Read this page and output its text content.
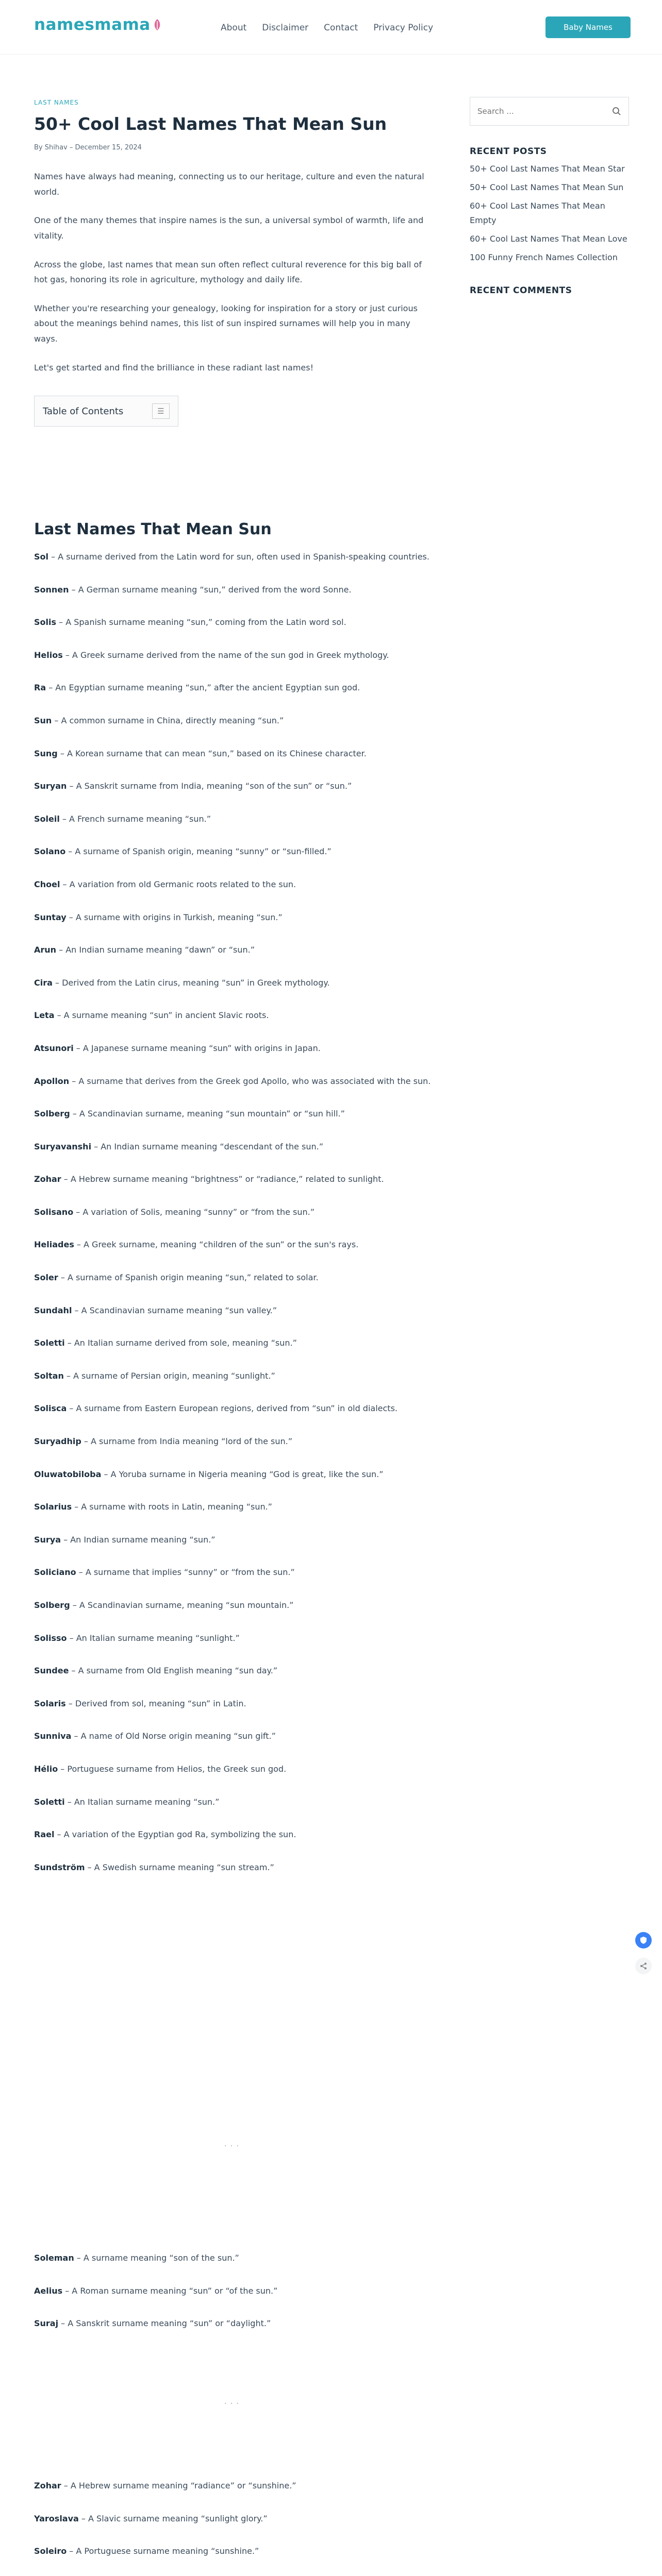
namesmama	About Disclaimer Contact Privacy Policy	Baby Names
LAST NAMES
50+ Cool Last Names That Mean Sun
By Shihav – December 15, 2024

Names have always had meaning, connecting us to our heritage, culture and even the natural world.

One of the many themes that inspire names is the sun, a universal symbol of warmth, life and vitality.

Across the globe, last names that mean sun often reflect cultural reverence for this big ball of hot gas, honoring its role in agriculture, mythology and daily life.

Whether you're researching your genealogy, looking for inspiration for a story or just curious about the meanings behind names, this list of sun inspired surnames will help you in many ways.

Let's get started and find the brilliance in these radiant last names!

Table of Contents	☰
Last Names That Mean Sun

Sol – A surname derived from the Latin word for sun, often used in Spanish-speaking countries.

Sonnen – A German surname meaning “sun,” derived from the word Sonne.

Solis – A Spanish surname meaning “sun,” coming from the Latin word sol.

Helios – A Greek surname derived from the name of the sun god in Greek mythology.

Ra – An Egyptian surname meaning “sun,” after the ancient Egyptian sun god.

Sun – A common surname in China, directly meaning “sun.”

Sung – A Korean surname that can mean “sun,” based on its Chinese character.

Suryan – A Sanskrit surname from India, meaning “son of the sun” or “sun.”

Soleil – A French surname meaning “sun.”

Solano – A surname of Spanish origin, meaning “sunny” or “sun-filled.”

Choel – A variation from old Germanic roots related to the sun.

Suntay – A surname with origins in Turkish, meaning “sun.”

Arun – An Indian surname meaning “dawn” or “sun.”

Cira – Derived from the Latin cirus, meaning “sun” in Greek mythology.

Leta – A surname meaning “sun” in ancient Slavic roots.

Atsunori – A Japanese surname meaning “sun” with origins in Japan.

Apollon – A surname that derives from the Greek god Apollo, who was associated with the sun.

Solberg – A Scandinavian surname, meaning “sun mountain” or “sun hill.”

Suryavanshi – An Indian surname meaning “descendant of the sun.”

Zohar – A Hebrew surname meaning “brightness” or “radiance,” related to sunlight.

Solisano – A variation of Solis, meaning “sunny” or “from the sun.”

Heliades – A Greek surname, meaning “children of the sun” or the sun's rays.

Soler – A surname of Spanish origin meaning “sun,” related to solar.

Sundahl – A Scandinavian surname meaning “sun valley.”

Soletti – An Italian surname derived from sole, meaning “sun.”

Soltan – A surname of Persian origin, meaning “sunlight.”

Solisca – A surname from Eastern European regions, derived from “sun” in old dialects.

Suryadhip – A surname from India meaning “lord of the sun.”

Oluwatobiloba – A Yoruba surname in Nigeria meaning “God is great, like the sun.”

Solarius – A surname with roots in Latin, meaning “sun.”

Surya – An Indian surname meaning “sun.”

Soliciano – A surname that implies “sunny” or “from the sun.”

Solberg – A Scandinavian surname, meaning “sun mountain.”

Solisso – An Italian surname meaning “sunlight.”

Sundee – A surname from Old English meaning “sun day.”

Solaris – Derived from sol, meaning “sun” in Latin.

Sunniva – A name of Old Norse origin meaning “sun gift.”

Hélio – Portuguese surname from Helios, the Greek sun god.

Soletti – An Italian surname meaning “sun.”

Rael – A variation of the Egyptian god Ra, symbolizing the sun.

Sundström – A Swedish surname meaning “sun stream.”

···

Soleman – A surname meaning “son of the sun.”

Aelius – A Roman surname meaning “sun” or “of the sun.”

Suraj – A Sanskrit surname meaning “sun” or “daylight.”

···

Zohar – A Hebrew surname meaning “radiance” or “sunshine.”

Yaroslava – A Slavic surname meaning “sunlight glory.”

Soleiro – A Portuguese surname meaning “sunshine.”

Search ...
RECENT POSTS
50+ Cool Last Names That Mean Star
50+ Cool Last Names That Mean Sun
60+ Cool Last Names That Mean Empty
60+ Cool Last Names That Mean Love
100 Funny French Names Collection
RECENT COMMENTS
